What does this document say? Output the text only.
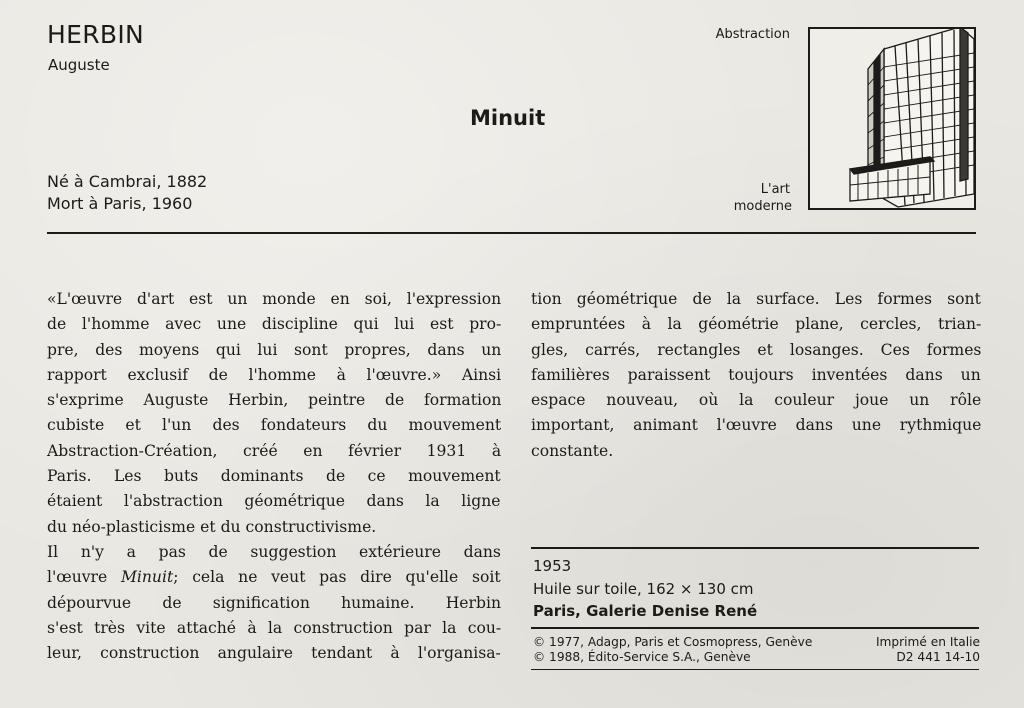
HERBIN
Auguste
Minuit
Né à Cambrai, 1882
Mort à Paris, 1960
Abstraction
L'art
moderne
«L'œuvre d'art est un monde en soi, l'expression
de l'homme avec une discipline qui lui est pro-
pre, des moyens qui lui sont propres, dans un
rapport exclusif de l'homme à l'œuvre.» Ainsi
s'exprime Auguste Herbin, peintre de formation
cubiste et l'un des fondateurs du mouvement
Abstraction-Création, créé en février 1931 à
Paris. Les buts dominants de ce mouvement
étaient l'abstraction géométrique dans la ligne
du néo-plasticisme et du constructivisme.
Il n'y a pas de suggestion extérieure dans
l'œuvre Minuit; cela ne veut pas dire qu'elle soit
dépourvue de signification humaine. Herbin
s'est très vite attaché à la construction par la cou-
leur, construction angulaire tendant à l'organisa-
tion géométrique de la surface. Les formes sont
empruntées à la géométrie plane, cercles, trian-
gles, carrés, rectangles et losanges. Ces formes
familières paraissent toujours inventées dans un
espace nouveau, où la couleur joue un rôle
important, animant l'œuvre dans une rythmique
constante.
1953
Huile sur toile, 162 × 130 cm
Paris, Galerie Denise René
© 1977, Adagp, Paris et Cosmopress, Genève
© 1988, Édito-Service S.A., Genève
Imprimé en Italie
D2 441 14-10
